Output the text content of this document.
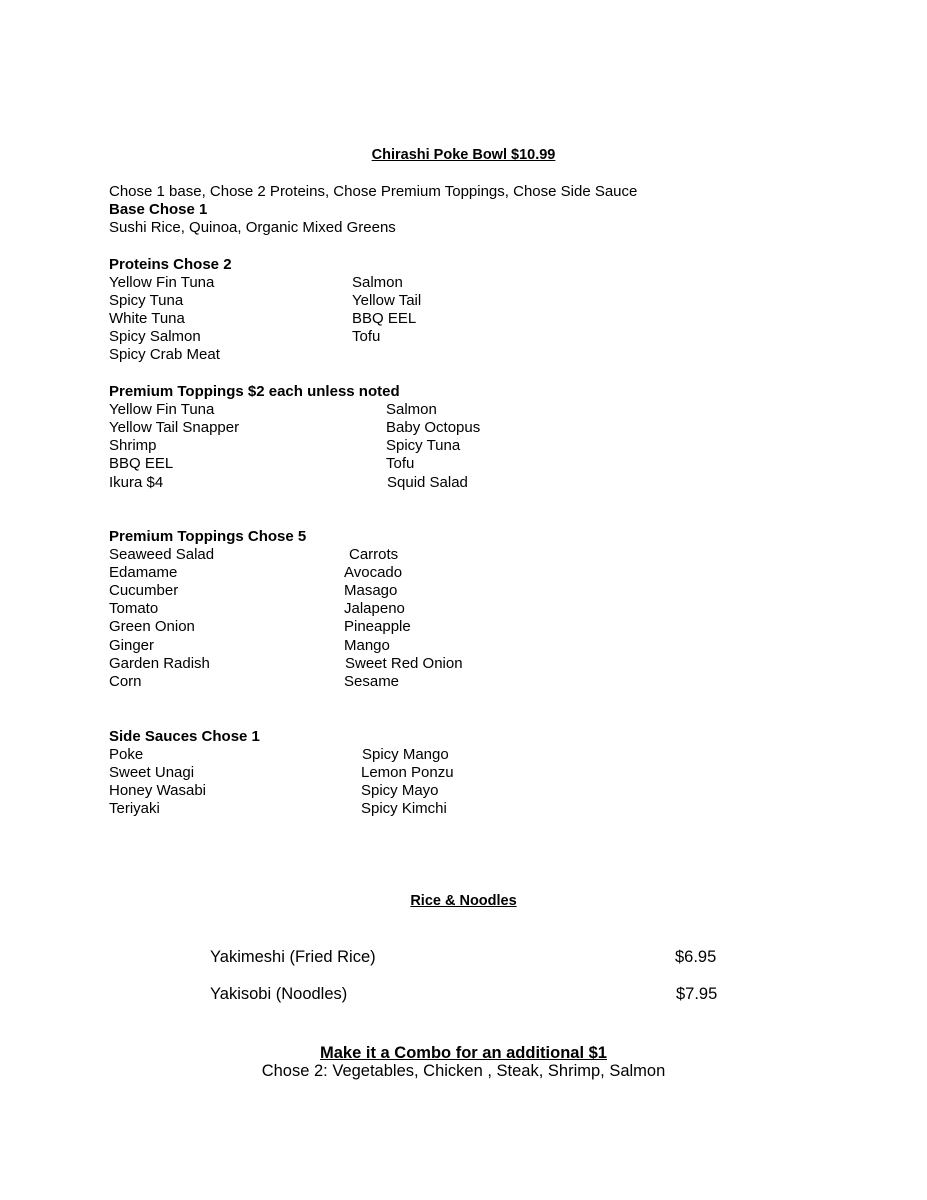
Chirashi Poke Bowl $10.99
Chose 1 base, Chose 2 Proteins, Chose Premium Toppings, Chose Side Sauce
Base Chose 1
Sushi Rice, Quinoa, Organic Mixed Greens
Proteins Chose 2
Yellow Fin Tuna
Spicy Tuna
White Tuna
Spicy Salmon
Spicy Crab Meat
Salmon
Yellow Tail
BBQ EEL
Tofu
Premium Toppings $2 each unless noted
Yellow Fin Tuna
Yellow Tail Snapper
Shrimp
BBQ EEL
Ikura $4
Salmon
Baby Octopus
Spicy Tuna
Tofu
Squid Salad
Premium Toppings Chose 5
Seaweed Salad
Edamame
Cucumber
Tomato
Green Onion
Ginger
Garden Radish
Corn
Carrots
Avocado
Masago
Jalapeno
Pineapple
Mango
Sweet Red Onion
Sesame
Side Sauces Chose 1
Poke
Sweet Unagi
Honey Wasabi
Teriyaki
Spicy Mango
Lemon Ponzu
Spicy Mayo
Spicy Kimchi
Rice & Noodles
Yakimeshi (Fried Rice)	$6.95
Yakisobi (Noodles)	$7.95
Make it a Combo for an additional $1
Chose 2: Vegetables, Chicken , Steak, Shrimp, Salmon
